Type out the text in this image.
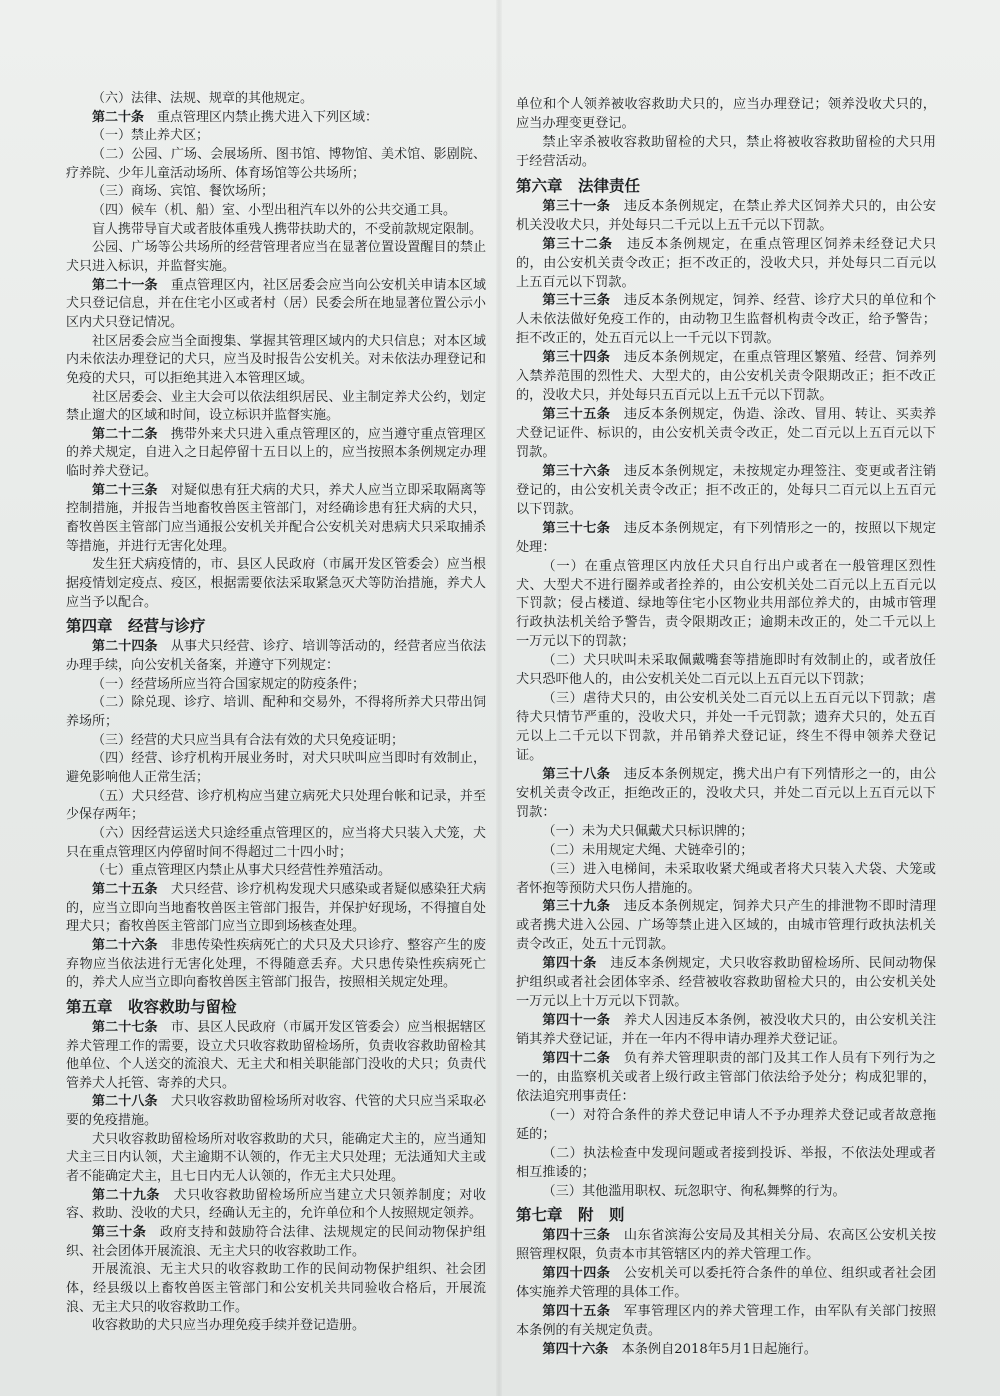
（六）法律、法规、规章的其他规定。

第二十条　 重点管理区内禁止携犬进入下列区域：

（一）禁止养犬区；

（二）公园、广场、会展场所、图书馆、博物馆、美术馆、影剧院、疗养院、少年儿童活动场所、体育场馆等公共场所；

（三）商场、宾馆、餐饮场所；

（四）候车（机、船）室、小型出租汽车以外的公共交通工具。

盲人携带导盲犬或者肢体重残人携带扶助犬的，不受前款规定限制。

公园、广场等公共场所的经营管理者应当在显著位置设置醒目的禁止犬只进入标识，并监督实施。

第二十一条　 重点管理区内，社区居委会应当向公安机关申请本区域犬只登记信息，并在住宅小区或者村（居）民委会所在地显著位置公示小区内犬只登记情况。

社区居委会应当全面搜集、掌握其管理区域内的犬只信息；对本区域内未依法办理登记的犬只，应当及时报告公安机关。对未依法办理登记和免疫的犬只，可以拒绝其进入本管理区域。

社区居委会、业主大会可以依法组织居民、业主制定养犬公约，划定禁止遛犬的区域和时间，设立标识并监督实施。

第二十二条　 携带外来犬只进入重点管理区的，应当遵守重点管理区的养犬规定，自进入之日起停留十五日以上的，应当按照本条例规定办理临时养犬登记。

第二十三条　 对疑似患有狂犬病的犬只，养犬人应当立即采取隔离等控制措施，并报告当地畜牧兽医主管部门，对经确诊患有狂犬病的犬只，畜牧兽医主管部门应当通报公安机关并配合公安机关对患病犬只采取捕杀等措施，并进行无害化处理。

发生狂犬病疫情的，市、县区人民政府（市属开发区管委会）应当根据疫情划定疫点、疫区，根据需要依法采取紧急灭犬等防治措施，养犬人应当予以配合。

第四章　经营与诊疗

第二十四条　 从事犬只经营、诊疗、培训等活动的，经营者应当依法办理手续，向公安机关备案，并遵守下列规定：

（一）经营场所应当符合国家规定的防疫条件；

（二）除兑现、诊疗、培训、配种和交易外，不得将所养犬只带出饲养场所；

（三）经营的犬只应当具有合法有效的犬只免疫证明；

（四）经营、诊疗机构开展业务时，对犬只吠叫应当即时有效制止，避免影响他人正常生活；

（五）犬只经营、诊疗机构应当建立病死犬只处理台帐和记录，并至少保存两年；

（六）因经营运送犬只途经重点管理区的，应当将犬只装入犬笼，犬只在重点管理区内停留时间不得超过二十四小时；

（七）重点管理区内禁止从事犬只经营性养殖活动。

第二十五条　 犬只经营、诊疗机构发现犬只感染或者疑似感染狂犬病的，应当立即向当地畜牧兽医主管部门报告，并保护好现场，不得擅自处理犬只；畜牧兽医主管部门应当立即到场核查处理。

第二十六条　 非患传染性疾病死亡的犬只及犬只诊疗、整容产生的废弃物应当依法进行无害化处理，不得随意丢弃。犬只患传染性疾病死亡的，养犬人应当立即向畜牧兽医主管部门报告，按照相关规定处理。

第五章　收容救助与留检

第二十七条　 市、县区人民政府（市属开发区管委会）应当根据辖区养犬管理工作的需要，设立犬只收容救助留检场所，负责收容救助留检其他单位、个人送交的流浪犬、无主犬和相关职能部门没收的犬只；负责代管养犬人托管、寄养的犬只。

第二十八条　 犬只收容救助留检场所对收容、代管的犬只应当采取必要的免疫措施。

犬只收容救助留检场所对收容救助的犬只，能确定犬主的，应当通知犬主三日内认领，犬主逾期不认领的，作无主犬只处理；无法通知犬主或者不能确定犬主，且七日内无人认领的，作无主犬只处理。

第二十九条　 犬只收容救助留检场所应当建立犬只领养制度；对收容、救助、没收的犬只，经确认无主的，允许单位和个人按照规定领养。

第三十条　 政府支持和鼓励符合法律、法规规定的民间动物保护组织、社会团体开展流浪、无主犬只的收容救助工作。

开展流浪、无主犬只的收容救助工作的民间动物保护组织、社会团体，经县级以上畜牧兽医主管部门和公安机关共同验收合格后，开展流浪、无主犬只的收容救助工作。

收容救助的犬只应当办理免疫手续并登记造册。

单位和个人领养被收容救助犬只的，应当办理登记；领养没收犬只的，应当办理变更登记。

禁止宰杀被收容救助留检的犬只，禁止将被收容救助留检的犬只用于经营活动。

第六章　法律责任

第三十一条　 违反本条例规定，在禁止养犬区饲养犬只的，由公安机关没收犬只，并处每只二千元以上五千元以下罚款。

第三十二条　 违反本条例规定，在重点管理区饲养未经登记犬只的，由公安机关责令改正；拒不改正的，没收犬只，并处每只二百元以上五百元以下罚款。

第三十三条　 违反本条例规定，饲养、经营、诊疗犬只的单位和个人未依法做好免疫工作的，由动物卫生监督机构责令改正，给予警告；拒不改正的，处五百元以上一千元以下罚款。

第三十四条　 违反本条例规定，在重点管理区繁殖、经营、饲养列入禁养范围的烈性犬、大型犬的，由公安机关责令限期改正；拒不改正的，没收犬只，并处每只五百元以上五千元以下罚款。

第三十五条　 违反本条例规定，伪造、涂改、冒用、转让、买卖养犬登记证件、标识的，由公安机关责令改正，处二百元以上五百元以下罚款。

第三十六条　 违反本条例规定，未按规定办理签注、变更或者注销登记的，由公安机关责令改正；拒不改正的，处每只二百元以上五百元以下罚款。

第三十七条　 违反本条例规定，有下列情形之一的，按照以下规定处理：

（一）在重点管理区内放任犬只自行出户或者在一般管理区烈性犬、大型犬不进行圈养或者拴养的，由公安机关处二百元以上五百元以下罚款；侵占楼道、绿地等住宅小区物业共用部位养犬的，由城市管理行政执法机关给予警告，责令限期改正；逾期未改正的，处二千元以上一万元以下的罚款；

（二）犬只吠叫未采取佩戴嘴套等措施即时有效制止的，或者放任犬只恐吓他人的，由公安机关处二百元以上五百元以下罚款；

（三）虐待犬只的，由公安机关处二百元以上五百元以下罚款；虐待犬只情节严重的，没收犬只，并处一千元罚款；遗弃犬只的，处五百元以上二千元以下罚款，并吊销养犬登记证，终生不得申领养犬登记证。

第三十八条　 违反本条例规定，携犬出户有下列情形之一的，由公安机关责令改正，拒绝改正的，没收犬只，并处二百元以上五百元以下罚款：

（一）未为犬只佩戴犬只标识牌的；

（二）未用规定犬绳、犬链牵引的；

（三）进入电梯间，未采取收紧犬绳或者将犬只装入犬袋、犬笼或者怀抱等预防犬只伤人措施的。

第三十九条　 违反本条例规定，饲养犬只产生的排泄物不即时清理或者携犬进入公园、广场等禁止进入区域的，由城市管理行政执法机关责令改正，处五十元罚款。

第四十条　 违反本条例规定，犬只收容救助留检场所、民间动物保护组织或者社会团体宰杀、经营被收容救助留检犬只的，由公安机关处一万元以上十万元以下罚款。

第四十一条　 养犬人因违反本条例，被没收犬只的，由公安机关注销其养犬登记证，并在一年内不得申请办理养犬登记证。

第四十二条　 负有养犬管理职责的部门及其工作人员有下列行为之一的，由监察机关或者上级行政主管部门依法给予处分；构成犯罪的，依法追究刑事责任：

（一）对符合条件的养犬登记申请人不予办理养犬登记或者故意拖延的；

（二）执法检查中发现问题或者接到投诉、举报，不依法处理或者相互推诿的；

（三）其他滥用职权、玩忽职守、徇私舞弊的行为。

第七章　附　则

第四十三条　 山东省滨海公安局及其相关分局、农高区公安机关按照管理权限，负责本市其管辖区内的养犬管理工作。

第四十四条　 公安机关可以委托符合条件的单位、组织或者社会团体实施养犬管理的具体工作。

第四十五条　 军事管理区内的养犬管理工作，由军队有关部门按照本条例的有关规定负责。

第四十六条　 本条例自2018年5月1日起施行。
